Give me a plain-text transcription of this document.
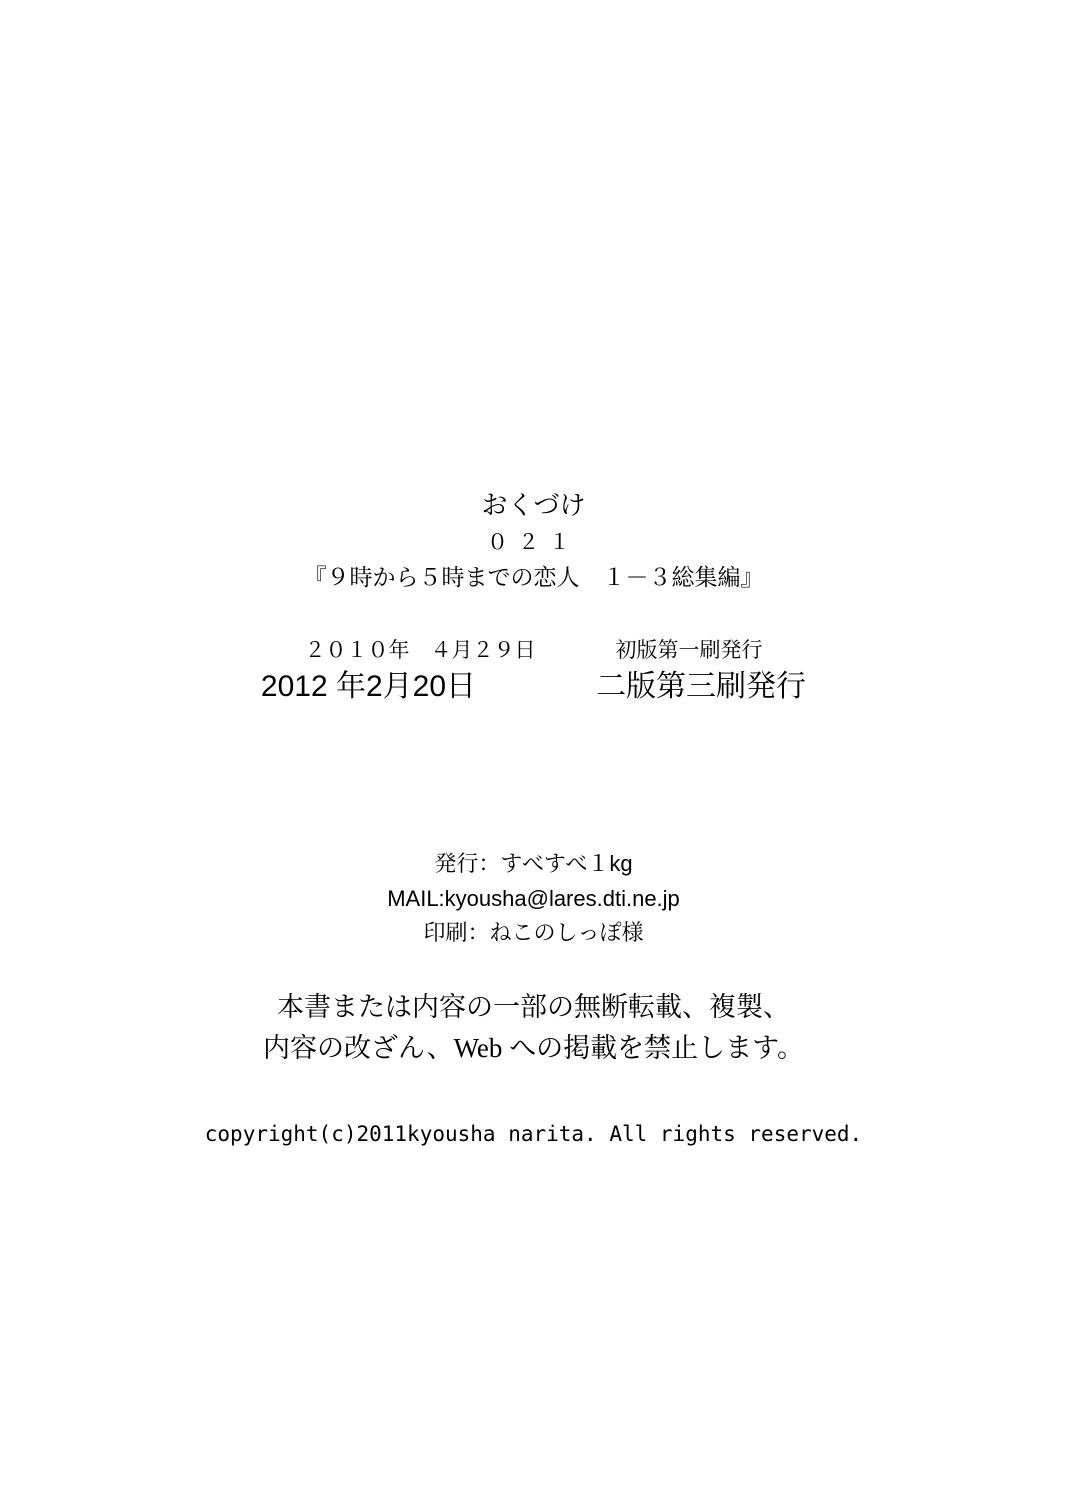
おくづけ
０２１
『９時から５時までの恋人　１－３総集編』
２０１０年　４月２９日	初版第一刷発行
2012 年2月20日	二版第三刷発行
発行：すべすべ１kg
MAIL:kyousha@lares.dti.ne.jp
印刷：ねこのしっぽ様
本書または内容の一部の無断転載、複製、
内容の改ざん、Web への掲載を禁止します。
copyright(c)2011kyousha narita. All rights reserved.
